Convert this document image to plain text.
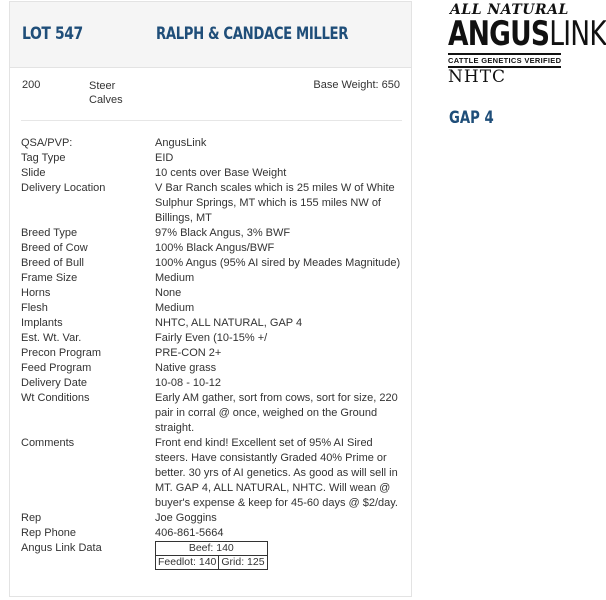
LOT 547	RALPH & CANDACE MILLER
200	Steer
Calves
Base Weight: 650
QSA/PVP:	AngusLink
Tag Type	EID
Slide	10 cents over Base Weight
Delivery Location	V Bar Ranch scales which is 25 miles W of White Sulphur Springs, MT which is 155 miles NW of Billings, MT
Breed Type	97% Black Angus, 3% BWF
Breed of Cow	100% Black Angus/BWF
Breed of Bull	100% Angus (95% AI sired by Meades Magnitude)
Frame Size	Medium
Horns	None
Flesh	Medium
Implants	NHTC, ALL NATURAL, GAP 4
Est. Wt. Var.	Fairly Even (10-15% +/
Precon Program	PRE-CON 2+
Feed Program	Native grass
Delivery Date	10-08 - 10-12
Wt Conditions	Early AM gather, sort from cows, sort for size, 220 pair in corral @ once, weighed on the Ground straight.
Comments	Front end kind! Excellent set of 95% AI Sired steers. Have consistantly Graded 40% Prime or better. 30 yrs of AI genetics. As good as will sell in MT. GAP 4, ALL NATURAL, NHTC. Will wean @ buyer's expense & keep for 45-60 days @ $2/day.
Rep	Joe Goggins
Rep Phone	406-861-5664
Angus Link Data	Beef: 140
Feedlot: 140	Grid: 125
ALL NATURAL
ANGUSLINK
CATTLE GENETICS VERIFIED
NHTC
GAP 4
